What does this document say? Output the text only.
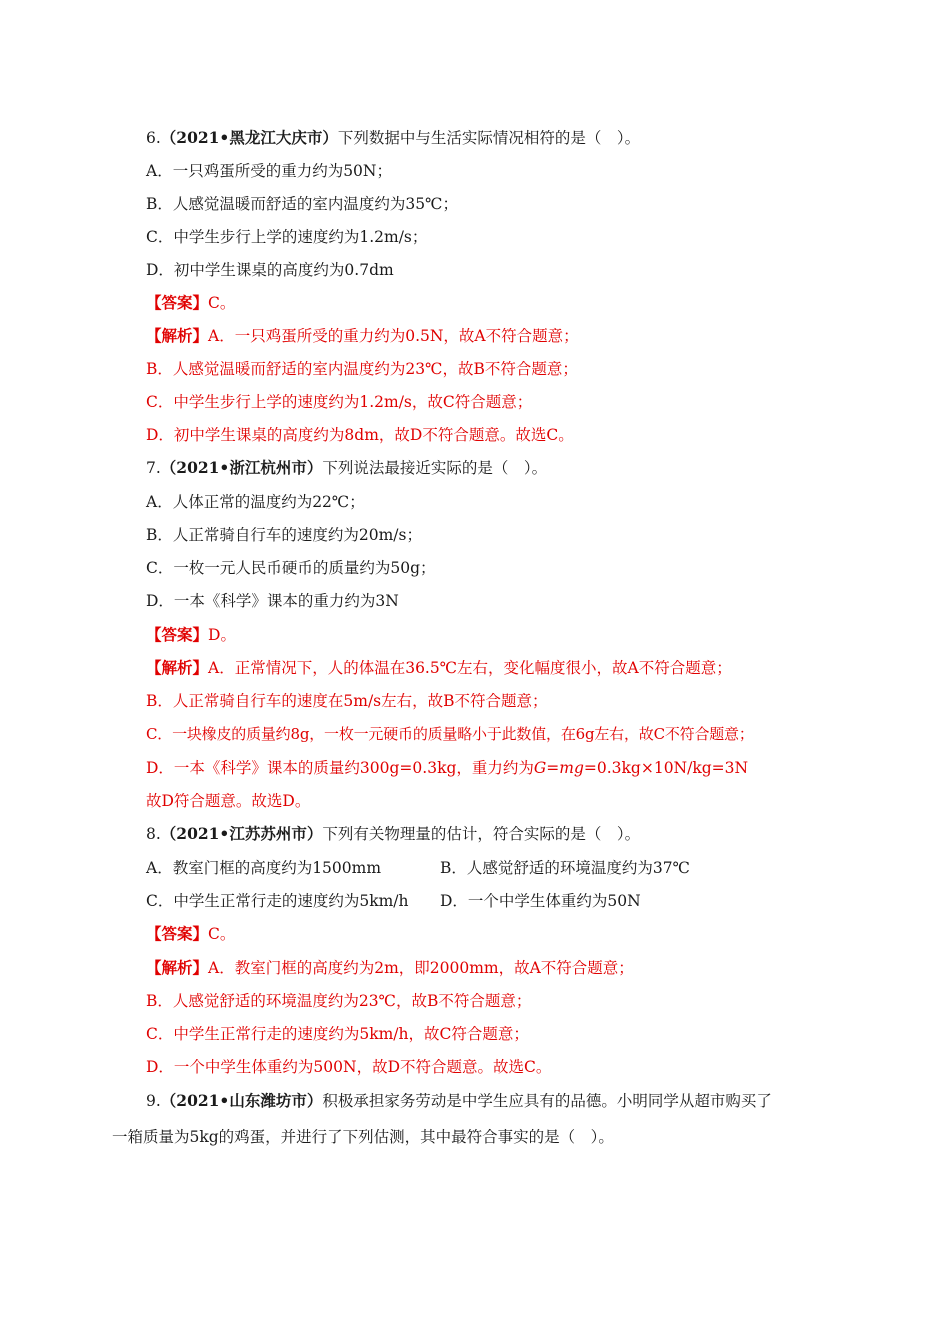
6.（2021•黑龙江大庆市）下列数据中与生活实际情况相符的是（　）。
A．一只鸡蛋所受的重力约为50N；
B．人感觉温暖而舒适的室内温度约为35℃；
C．中学生步行上学的速度约为1.2m/s；
D．初中学生课桌的高度约为0.7dm
【答案】C。
【解析】A．一只鸡蛋所受的重力约为0.5N，故A不符合题意；
B．人感觉温暖而舒适的室内温度约为23℃，故B不符合题意；
C．中学生步行上学的速度约为1.2m/s，故C符合题意；
D．初中学生课桌的高度约为8dm，故D不符合题意。故选C。
7.（2021•浙江杭州市）下列说法最接近实际的是（　）。
A．人体正常的温度约为22℃；
B．人正常骑自行车的速度约为20m/s；
C．一枚一元人民币硬币的质量约为50g；
D．一本《科学》课本的重力约为3N
【答案】D。
【解析】A．正常情况下，人的体温在36.5℃左右，变化幅度很小，故A不符合题意；
B．人正常骑自行车的速度在5m/s左右，故B不符合题意；
C．一块橡皮的质量约8g，一枚一元硬币的质量略小于此数值，在6g左右，故C不符合题意；
D．一本《科学》课本的质量约300g=0.3kg，重力约为G=mg=0.3kg×10N/kg=3N
故D符合题意。故选D。
8.（2021•江苏苏州市）下列有关物理量的估计，符合实际的是（　）。
A．教室门框的高度约为1500mm	B．人感觉舒适的环境温度约为37℃
C．中学生正常行走的速度约为5km/h D．一个中学生体重约为50N
【答案】C。
【解析】A．教室门框的高度约为2m，即2000mm，故A不符合题意；
B．人感觉舒适的环境温度约为23℃，故B不符合题意；
C．中学生正常行走的速度约为5km/h，故C符合题意；
D．一个中学生体重约为500N，故D不符合题意。故选C。
9.（2021•山东潍坊市）积极承担家务劳动是中学生应具有的品德。小明同学从超市购买了
一箱质量为5kg的鸡蛋，并进行了下列估测，其中最符合事实的是（　）。
